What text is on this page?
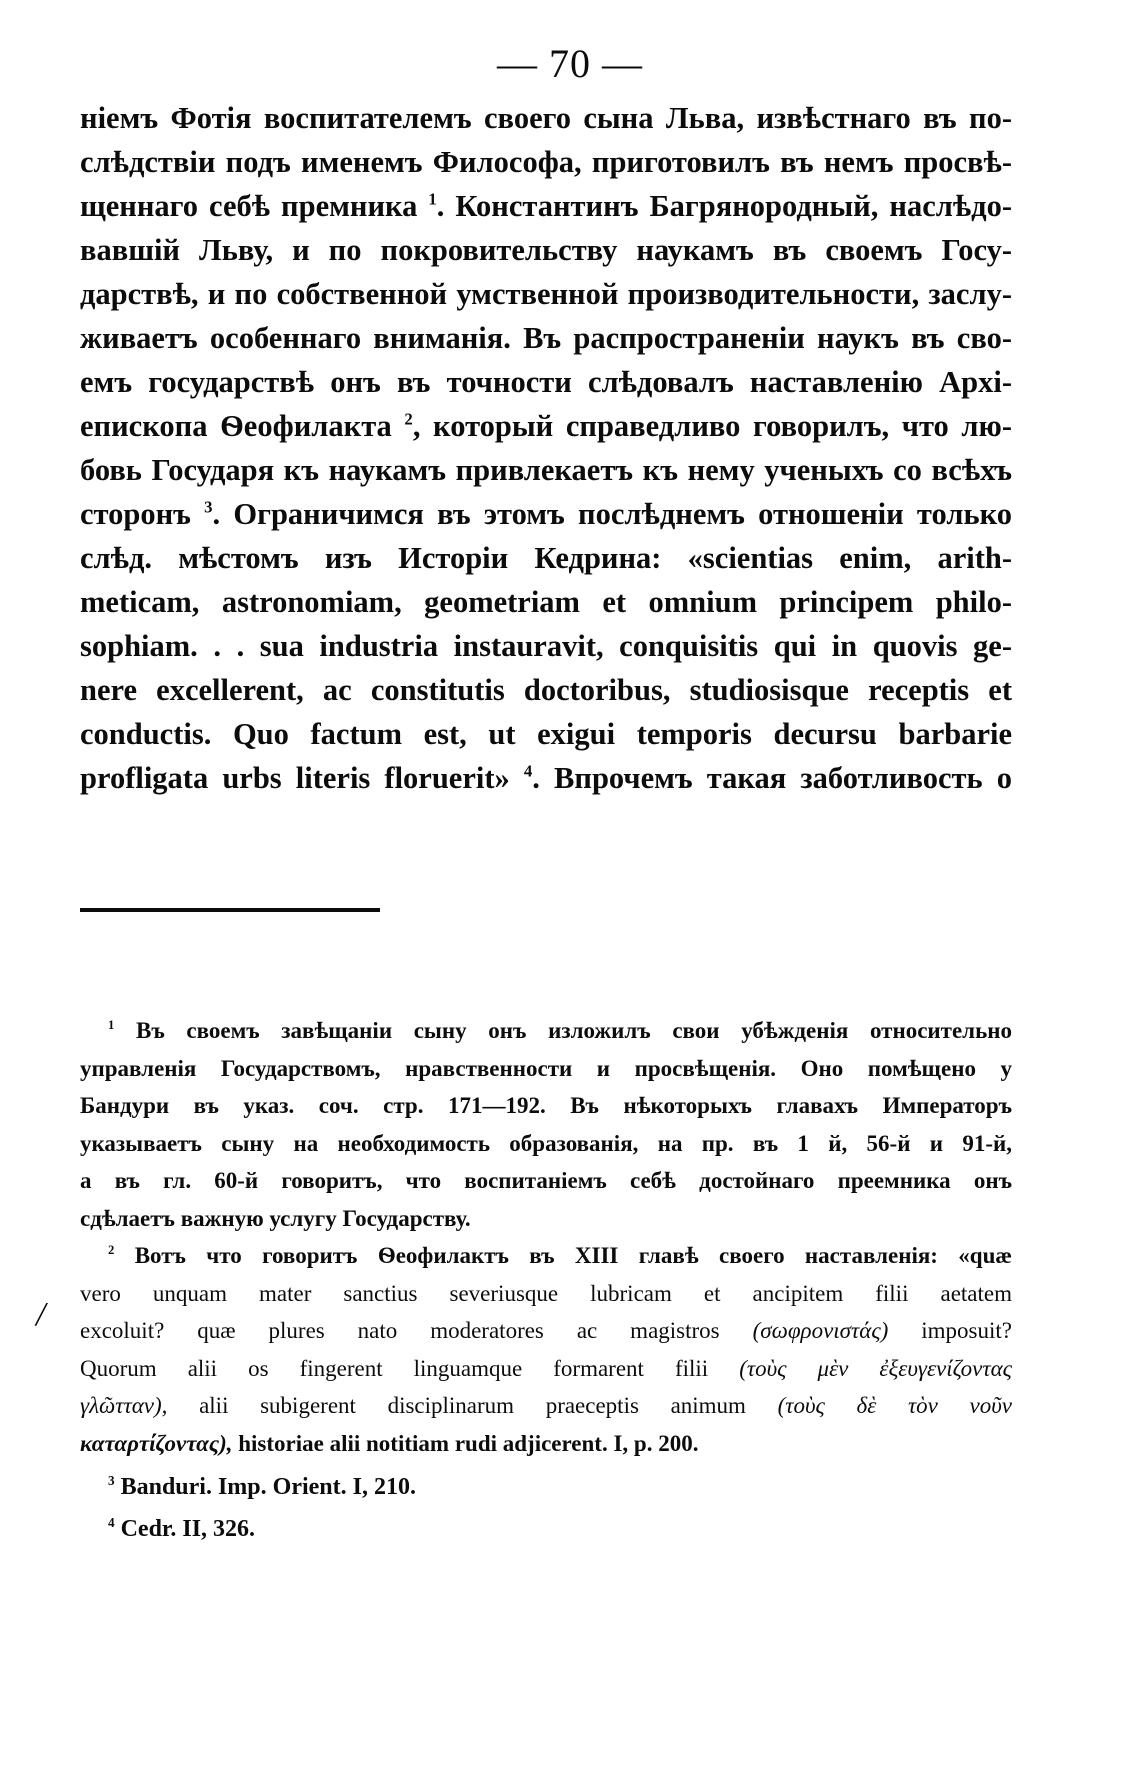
— 70 —
ніемъ Фотія воспитателемъ своего сына Льва, извѣстнаго въ по-
слѣдствіи подъ именемъ Философа, приготовилъ въ немъ просвѣ-
щеннаго себѣ премника $^1$. Константинъ Багрянородный, наслѣдо-
вавшій Льву, и по покровительству наукамъ въ своемъ Госу-
дарствѣ, и по собственной умственной производительности, заслу-
живаетъ особеннаго вниманія. Въ распространеніи наукъ въ сво-
емъ государствѣ онъ въ точности слѣдовалъ наставленію Архі-
епископа Ѳеофилакта $^2$, который справедливо говорилъ, что лю-
бовь Государя къ наукамъ привлекаетъ къ нему ученыхъ со всѣхъ
сторонъ $^3$. Ограничимся въ этомъ послѣднемъ отношеніи только
слѣд. мѣстомъ изъ Исторіи Кедрина: «scientias enim, arith-
meticam, astronomiam, geometriam et omnium principem philo-
sophiam. . . sua industria instauravit, conquisitis qui in quovis ge-
nere excellerent, ac constitutis doctoribus, studiosisque receptis et
conductis. Quo factum est, ut exigui temporis decursu barbarie
profligata urbs literis floruerit» $^4$. Впрочемъ такая заботливость о
/
$^1$ Въ своемъ завѣщаніи сыну онъ изложилъ свои убѣжденія относительно
управленія Государствомъ, нравственности и просвѣщенія. Оно помѣщено у
Бандури въ указ. соч. стр. 171—192. Въ нѣкоторыхъ главахъ Императоръ
указываетъ сыну на необходимость образованія, на пр. въ 1 й, 56-й и 91-й,
а въ гл. 60-й говоритъ, что воспитаніемъ себѣ достойнаго преемника онъ
сдѣлаетъ важную услугу Государству.
$^2$ Вотъ что говоритъ Ѳеофилактъ въ XIII главѣ своего наставленія: «quæ
vero unquam mater sanctius severiusque lubricam et ancipitem filii aetatem
excoluit? quæ plures nato moderatores ac magistros (σωφρονιστάς) imposuit?
Quorum alii os fingerent linguamque formarent filii (τοὺς μὲν ἐξευγενίζοντας
γλῶτταν), alii subigerent disciplinarum praeceptis animum (τοὺς δὲ τὸν νοῦν
καταρτίζοντας), historiae alii notitiam rudi adjicerent. I, p. 200.

$^3$ Banduri. Imp. Orient. I, 210.

$^4$ Cedr. II, 326.
